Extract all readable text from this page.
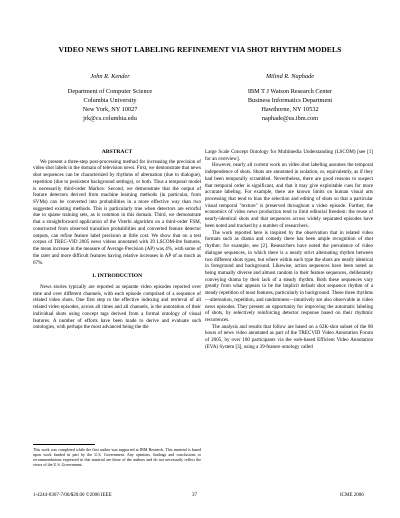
VIDEO NEWS SHOT LABELING REFINEMENT VIA SHOT RHYTHM MODELS
John R. Kender
Department of Computer Science
Columbia University
New York, NY 10027
jrk@cs.columbia.edu
Milind R. Naphade
IBM T J Watson Research Center
Business Informatics Department
Hawthorne, NY 10532
naphade@us.ibm.com
ABSTRACT

We present a three-step post-processing method for increasing the precision of video shot labels in the domain of television news. First, we demonstrate that news shot sequences can be characterized by rhythms of alternation (due to dialogue), repetition (due to persistent background settings), or both. Thus a temporal model is necessarily third-order Markov. Second, we demonstrate that the output of feature detectors derived from machine learning methods (in particular, from SVMs) can be converted into probabilities in a more effective way than two suggested existing methods. This is particularly true when detectors are errorful due to sparse training sets, as is common in this domain. Third, we demonstrate that a straightforward application of the Viterbi algorithm on a third-order FSM, constructed from observed transition probabilities and converted feature detector outputs, can refine feature label precision at little cost. We show that on a test corpus of TREC-VID 2005 news videos annotated with 39 LSCOM-lite features, the mean increase in the measure of Average Precision (AP) was 4%, with some of the rarer and more difficult features having relative increases in AP of as much as 67%.

1. INTRODUCTION

News stories typically are reported as separate video episodes reported over time and over different channels, with each episode comprised of a sequence of related video shots. One first step to the effective indexing and retrieval of all related video episodes, across all times and all channels, is the annotation of their individual shots using concept tags derived from a formal ontology of visual features. A number of efforts have been made to derive and evaluate such ontologies, with perhaps the most advanced being the the

This work was completed while the first author was supported at IBM Research. This material is based upon work funded in part by the U.S. Government. Any opinions, findings and conclusions or recommendations expressed in this material are those of the authors and do not necessarily reflect the views of the U.S. Government.

Large Scale Concept Ontology for Multimedia Understanding (LSCOM) [see [1] for an overview].

However, nearly all current work on video shot labeling assumes the temporal independence of shots. Shots are annotated in isolation, or, equivalently, as if they had been temporally scrambled. Nevertheless, there are good reasons to suspect that temporal order is significant, and that it may give exploitable cues for more accurate labeling. For example, there are known limits on human visual arts processing that tend to bias the selection and editing of shots so that a particular visual temporal "texture" is preserved throughout a video episode. Further, the economics of video news production tend to limit editorial freedom: the reuse of nearly-identical shots and that sequences across widely separated episodes have been noted and tracked by a number of researchers.

The work reported here is inspired by the observation that in related video formats such as drama and comedy there has been ample recognition of shot rhythm: for example, see [2]. Researchers have noted the prevalence of video dialogue sequences, in which there is a nearly strict alternating rhythm between two different shots types, but where within each type the shots are nearly identical in foreground and background. Likewise, action sequences have been noted as being mutually diverse and almost random in their feature sequences, deliberately conveying drama by their lack of a steady rhythm. Both these sequences vary greatly from what appears to be the implicit default shot sequence rhythm of a steady repetition of most features, particularly in background. These three rhythms—alternation, repetition, and randomness—intuitively are also observable in video news episodes. They present an opportunity for improving the automatic labeling of shots, by selectively reinforcing detector response based on their rhythmic recurrences.

The analysis and results that follow are based on a 62K-shot subset of the 80 hours of news video annotated as part of the TRECVID Video Annotation Forum of 2005, by over 100 participants via the web-based Efficient Video Annotation (EVA) System [3], using a 39-feature ontology called

1-4244-0367-7/06/$20.00 ©2006 IEEE	37	ICME 2006
